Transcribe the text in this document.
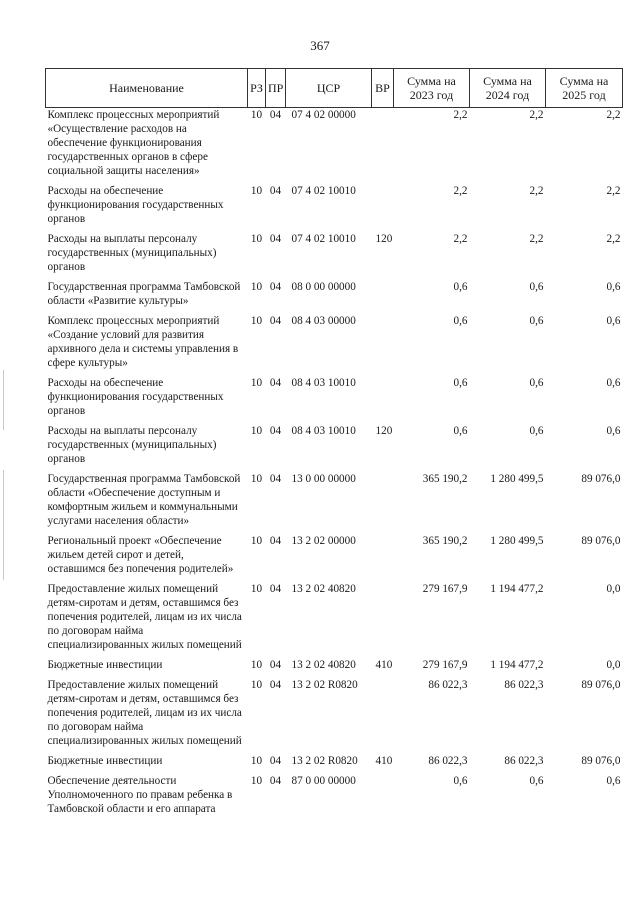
367
Наименование	РЗ	ПР	ЦСР	ВР	Сумма на 2023 год	Сумма на 2024 год	Сумма на 2025 год
Комплекс процессных мероприятий «Осуществление расходов на обеспечение функционирования государственных органов в сфере социальной защиты населения»	10	04	07 4 02 00000		2,2	2,2	2,2
Расходы на обеспечение функционирования государственных органов	10	04	07 4 02 10010		2,2	2,2	2,2
Расходы на выплаты персоналу государственных (муниципальных) органов	10	04	07 4 02 10010	120	2,2	2,2	2,2
Государственная программа Тамбовской области «Развитие культуры»	10	04	08 0 00 00000		0,6	0,6	0,6
Комплекс процессных мероприятий «Создание условий для развития архивного дела и системы управления в сфере культуры»	10	04	08 4 03 00000		0,6	0,6	0,6
Расходы на обеспечение функционирования государственных органов	10	04	08 4 03 10010		0,6	0,6	0,6
Расходы на выплаты персоналу государственных (муниципальных) органов	10	04	08 4 03 10010	120	0,6	0,6	0,6
Государственная программа Тамбовской области «Обеспечение доступным и комфортным жильем и коммунальными услугами населения области»	10	04	13 0 00 00000		365 190,2	1 280 499,5	89 076,0
Региональный проект «Обеспечение жильем детей сирот и детей, оставшимся без попечения родителей»	10	04	13 2 02 00000		365 190,2	1 280 499,5	89 076,0
Предоставление жилых помещений детям-сиротам и детям, оставшимся без попечения родителей, лицам из их числа по договорам найма специализированных жилых помещений	10	04	13 2 02 40820		279 167,9	1 194 477,2	0,0
Бюджетные инвестиции	10	04	13 2 02 40820	410	279 167,9	1 194 477,2	0,0
Предоставление жилых помещений детям-сиротам и детям, оставшимся без попечения родителей, лицам из их числа по договорам найма специализированных жилых помещений	10	04	13 2 02 R0820		86 022,3	86 022,3	89 076,0
Бюджетные инвестиции	10	04	13 2 02 R0820	410	86 022,3	86 022,3	89 076,0
Обеспечение деятельности Уполномоченного по правам ребенка в Тамбовской области и его аппарата	10	04	87 0 00 00000		0,6	0,6	0,6
